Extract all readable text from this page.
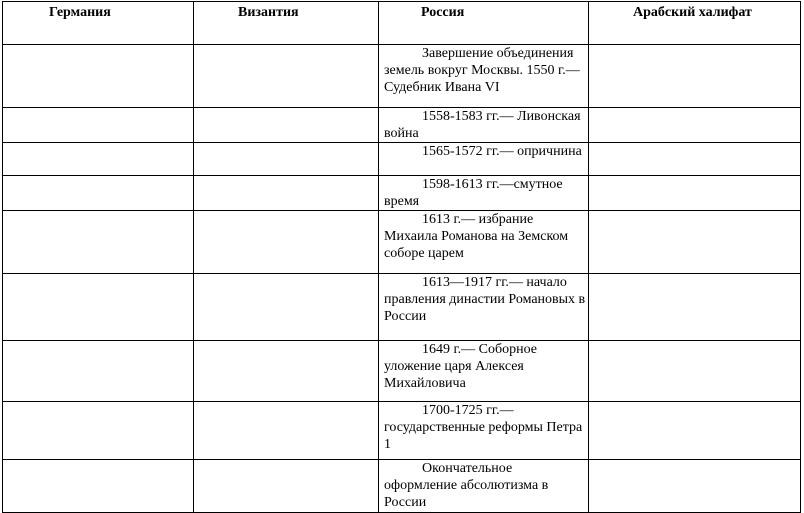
Германия	Византия	Россия	Арабский халифат

		Завершение объединения земель вокруг Москвы. 1550 г.— Судебник Ивана VI	

		1558-1583 гг.— Ливонская война	

		1565-1572 гг.— опричнина	

		1598-1613 гг.—смутное время	

		1613 г.— избрание Михаила Романова на Земском соборе царем	

		1613—1917 гг.— начало правления династии Романовых в России	

		1649 г.— Соборное уложение царя Алексея Михайловича	

		1700-1725 гг.— государственные реформы Петра 1	

		Окончательное оформление абсолютизма в России	
